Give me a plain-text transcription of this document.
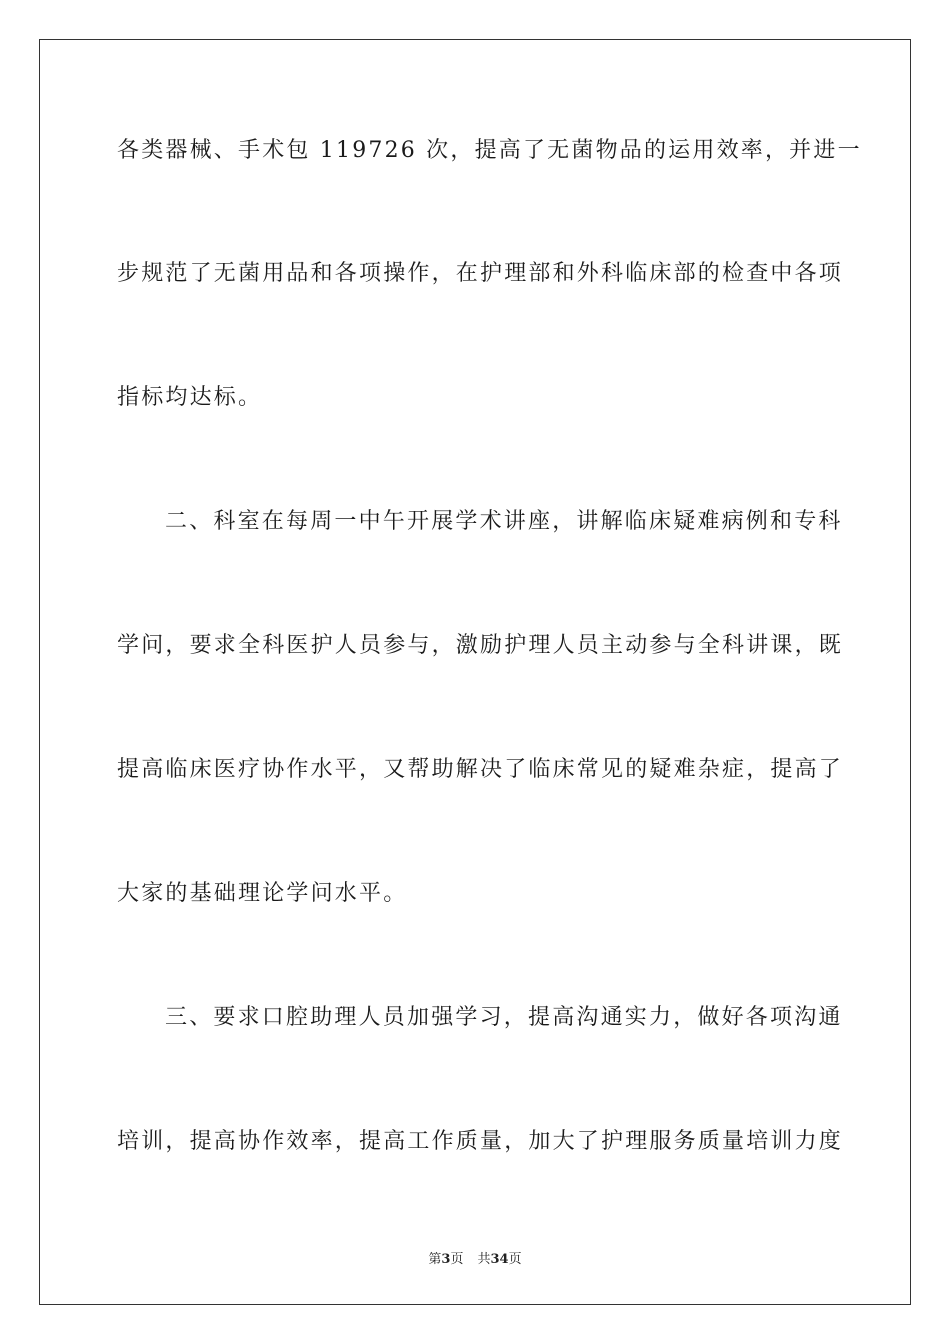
各类器械、手术包 119726 次，提高了无菌物品的运用效率，并进一
步规范了无菌用品和各项操作，在护理部和外科临床部的检查中各项
指标均达标。
二、科室在每周一中午开展学术讲座，讲解临床疑难病例和专科
学问，要求全科医护人员参与，激励护理人员主动参与全科讲课，既
提高临床医疗协作水平，又帮助解决了临床常见的疑难杂症，提高了
大家的基础理论学问水平。
三、要求口腔助理人员加强学习，提高沟通实力，做好各项沟通
培训，提高协作效率，提高工作质量，加大了护理服务质量培训力度
第3页 共34页
